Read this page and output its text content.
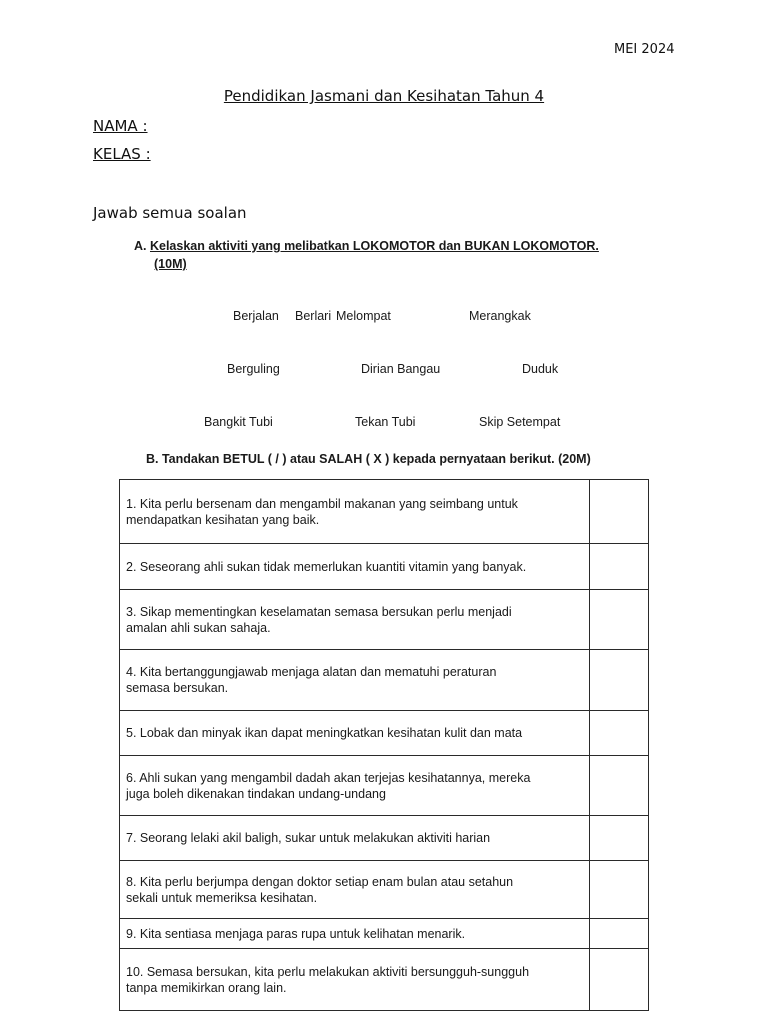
MEI 2024
Pendidikan Jasmani dan Kesihatan Tahun 4
NAMA :
KELAS :
Jawab semua soalan
A. Kelaskan aktiviti yang melibatkan LOKOMOTOR dan BUKAN LOKOMOTOR.
(10M)
Berjalan Berlari Melompat	Merangkak
Berguling	Dirian Bangau	Duduk
Bangkit Tubi	Tekan Tubi	Skip Setempat
B. Tandakan BETUL ( / ) atau SALAH ( X ) kepada pernyataan berikut. (20M)
1. Kita perlu bersenam dan mengambil makanan yang seimbang untuk
mendapatkan kesihatan yang baik.	

2. Seseorang ahli sukan tidak memerlukan kuantiti vitamin yang banyak.	

3. Sikap mementingkan keselamatan semasa bersukan perlu menjadi
amalan ahli sukan sahaja.	

4. Kita bertanggungjawab menjaga alatan dan mematuhi peraturan
semasa bersukan.	

5. Lobak dan minyak ikan dapat meningkatkan kesihatan kulit dan mata	

6. Ahli sukan yang mengambil dadah akan terjejas kesihatannya, mereka
juga boleh dikenakan tindakan undang-undang	

7. Seorang lelaki akil baligh, sukar untuk melakukan aktiviti harian	

8. Kita perlu berjumpa dengan doktor setiap enam bulan atau setahun
sekali untuk memeriksa kesihatan.	

9. Kita sentiasa menjaga paras rupa untuk kelihatan menarik.	

10. Semasa bersukan, kita perlu melakukan aktiviti bersungguh-sungguh
tanpa memikirkan orang lain.	
